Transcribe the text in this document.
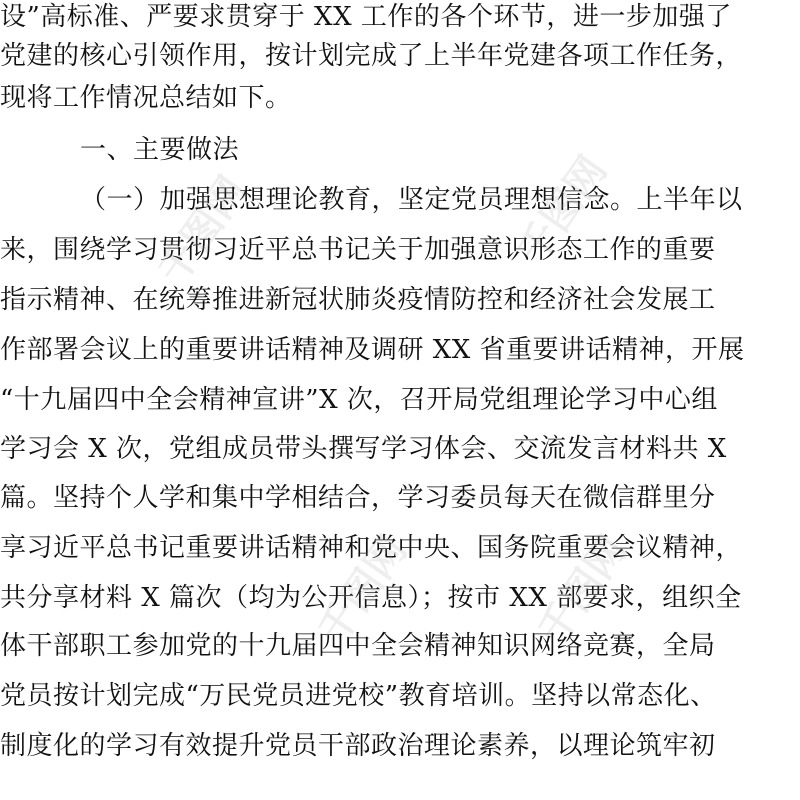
设”高标准、严要求贯穿于 XX 工作的各个环节，进一步加强了
党建的核心引领作用，按计划完成了上半年党建各项工作任务，
现将工作情况总结如下。
一、主要做法
（一）加强思想理论教育，坚定党员理想信念。上半年以
来，围绕学习贯彻习近平总书记关于加强意识形态工作的重要
指示精神、在统筹推进新冠状肺炎疫情防控和经济社会发展工
作部署会议上的重要讲话精神及调研 XX 省重要讲话精神，开展
“十九届四中全会精神宣讲”X 次，召开局党组理论学习中心组
学习会 X 次，党组成员带头撰写学习体会、交流发言材料共 X
篇。坚持个人学和集中学相结合，学习委员每天在微信群里分
享习近平总书记重要讲话精神和党中央、国务院重要会议精神，
共分享材料 X 篇次（均为公开信息）；按市 XX 部要求，组织全
体干部职工参加党的十九届四中全会精神知识网络竞赛，全局
党员按计划完成“万民党员进党校”教育培训。坚持以常态化、
制度化的学习有效提升党员干部政治理论素养，以理论筑牢初
千图网	千图网
千图网	千图网
